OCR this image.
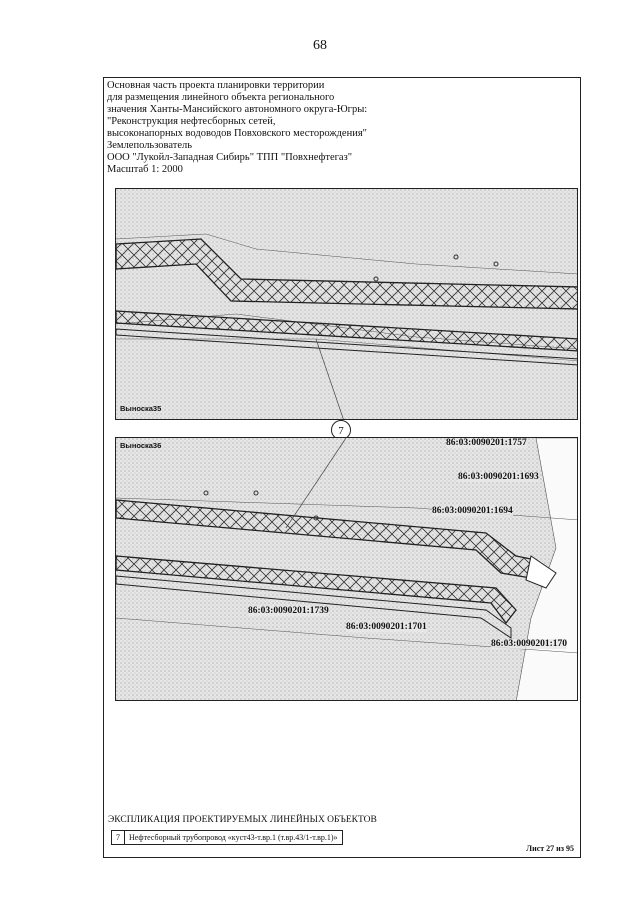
68
Основная часть проекта планировки территории
для размещения линейного объекта регионального
значения Ханты-Мансийского автономного округа-Югры:
"Реконструкция нефтесборных сетей,
высоконапорных водоводов Повховского месторождения"
Землепользователь
ООО "Лукойл-Западная Сибирь" ТПП "Повхнефтегаз"
Масштаб 1: 2000
Выноска35
7
Выноска36	86:03:0090201:1757
86:03:0090201:1693
86:03:0090201:1694
86:03:0090201:1739
86:03:0090201:1701
86:03:0090201:170
ЭКСПЛИКАЦИЯ ПРОЕКТИРУЕМЫХ ЛИНЕЙНЫХ ОБЪЕКТОВ
7	Нефтесборный трубопровод «куст43-т.вр.1 (т.вр.43/1-т.вр.1)»
Лист 27 из 95
